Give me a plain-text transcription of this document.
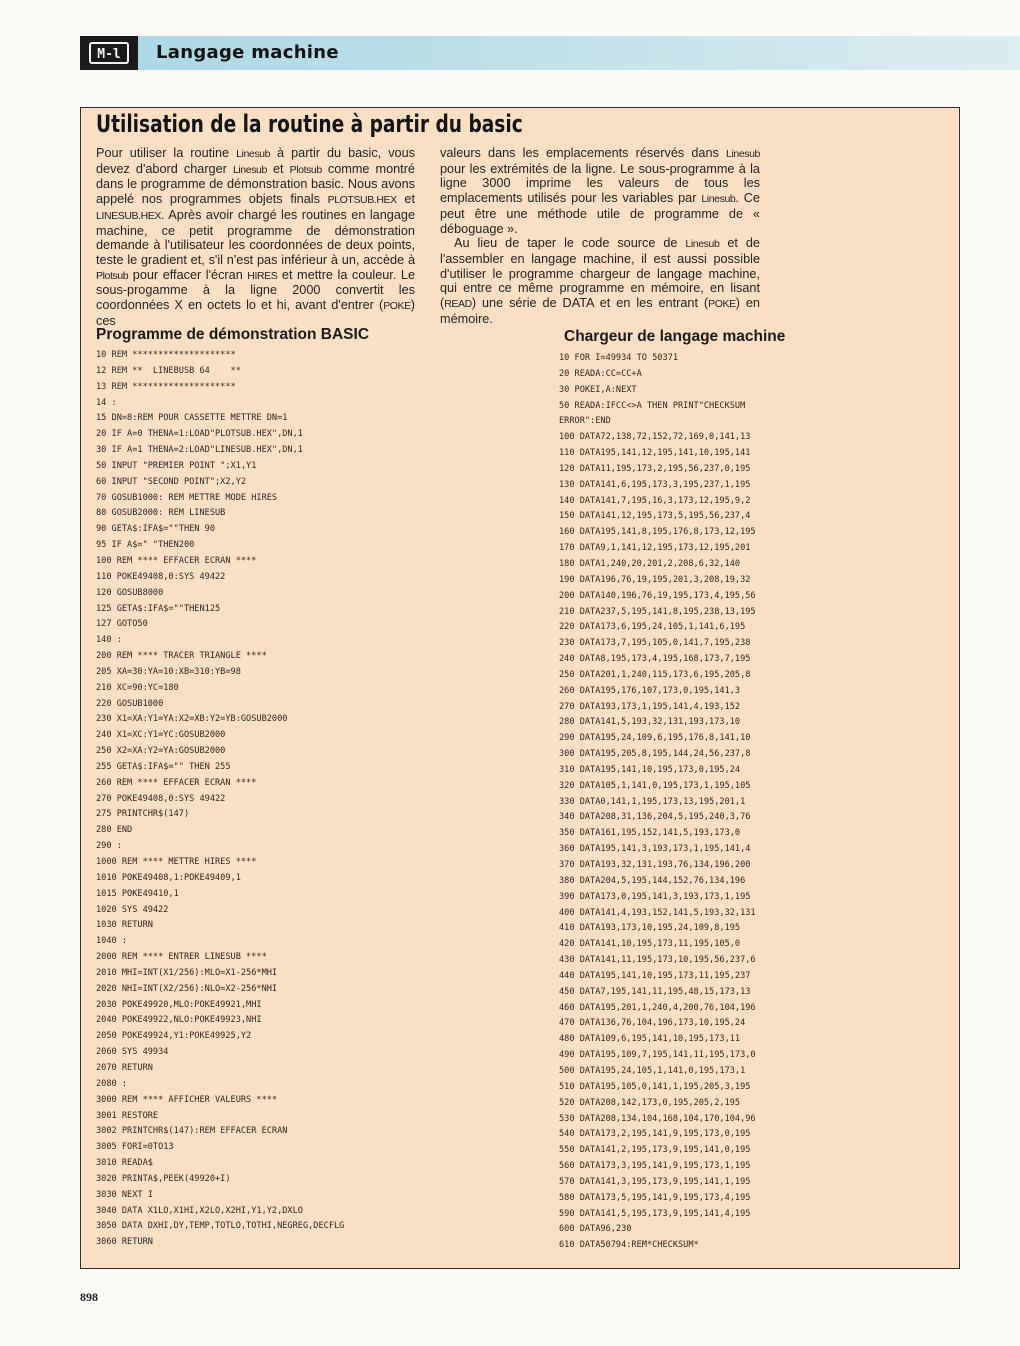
M-l	Langage machine
Utilisation de la routine à partir du basic

Pour utiliser la routine Linesub à partir du basic, vous devez d'abord charger Linesub et Plotsub comme montré dans le programme de démonstration basic. Nous avons appelé nos programmes objets finals PLOTSUB.HEX et LINESUB.HEX. Après avoir chargé les routines en langage machine, ce petit programme de démonstration demande à l'utilisateur les coordonnées de deux points, teste le gradient et, s'il n'est pas inférieur à un, accède à Plotsub pour effacer l'écran HIRES et mettre la couleur. Le sous-progamme à la ligne 2000 convertit les coordonnées X en octets lo et hi, avant d'entrer (POKE) ces

valeurs dans les emplacements réservés dans Linesub pour les extrémités de la ligne. Le sous-programme à la ligne 3000 imprime les valeurs de tous les emplacements utilisés pour les variables par Linesub. Ce peut être une méthode utile de programme de « déboguage ».

Au lieu de taper le code source de Linesub et de l'assembler en langage machine, il est aussi possible d'utiliser le programme chargeur de langage machine, qui entre ce même programme en mémoire, en lisant (READ) une série de DATA et en les entrant (POKE) en mémoire.

Programme de démonstration BASIC
10 REM ********************
12 REM **  LINEBUSB 64    **
13 REM ********************
14 :
15 DN=8:REM POUR CASSETTE METTRE DN=1
20 IF A=0 THENA=1:LOAD"PLOTSUB.HEX",DN,1
30 IF A=1 THENA=2:LOAD"LINESUB.HEX",DN,1
50 INPUT "PREMIER POINT ";X1,Y1
60 INPUT "SECOND POINT";X2,Y2
70 GOSUB1000: REM METTRE MODE HIRES
80 GOSUB2000: REM LINESUB
90 GETA$:IFA$=""THEN 90
95 IF A$=" "THEN200
100 REM **** EFFACER ECRAN ****
110 POKE49408,0:SYS 49422
120 GOSUB8000
125 GETA$:IFA$=""THEN125
127 GOTO50
140 :
200 REM **** TRACER TRIANGLE ****
205 XA=30:YA=10:XB=310:YB=98
210 XC=90:YC=180
220 GOSUB1000
230 X1=XA:Y1=YA:X2=XB:Y2=YB:GOSUB2000
240 X1=XC:Y1=YC:GOSUB2000
250 X2=XA:Y2=YA:GOSUB2000
255 GETA$:IFA$="" THEN 255
260 REM **** EFFACER ECRAN ****
270 POKE49408,0:SYS 49422
275 PRINTCHR$(147)
280 END
290 :
1000 REM **** METTRE HIRES ****
1010 POKE49408,1:POKE49409,1
1015 POKE49410,1
1020 SYS 49422
1030 RETURN
1040 :
2000 REM **** ENTRER LINESUB ****
2010 MHI=INT(X1/256):MLO=X1-256*MHI
2020 NHI=INT(X2/256):NLO=X2-256*NHI
2030 POKE49920,MLO:POKE49921,MHI
2040 POKE49922,NLO:POKE49923,NHI
2050 POKE49924,Y1:POKE49925,Y2
2060 SYS 49934
2070 RETURN
2080 :
3000 REM **** AFFICHER VALEURS ****
3001 RESTORE
3002 PRINTCHR$(147):REM EFFACER ECRAN
3005 FORI=0TO13
3010 READA$
3020 PRINTA$,PEEK(49920+I)
3030 NEXT I
3040 DATA X1LO,X1HI,X2LO,X2HI,Y1,Y2,DXLO
3050 DATA DXHI,DY,TEMP,TOTLO,TOTHI,NEGREG,DECFLG
3060 RETURN
Chargeur de langage machine
10 FOR I=49934 TO 50371
20 READA:CC=CC+A
30 POKEI,A:NEXT
50 READA:IFCC<>A THEN PRINT"CHECKSUM
ERROR":END
100 DATA72,138,72,152,72,169,0,141,13
110 DATA195,141,12,195,141,10,195,141
120 DATA11,195,173,2,195,56,237,0,195
130 DATA141,6,195,173,3,195,237,1,195
140 DATA141,7,195,16,3,173,12,195,9,2
150 DATA141,12,195,173,5,195,56,237,4
160 DATA195,141,8,195,176,8,173,12,195
170 DATA9,1,141,12,195,173,12,195,201
180 DATA1,240,20,201,2,208,6,32,140
190 DATA196,76,19,195,201,3,208,19,32
200 DATA140,196,76,19,195,173,4,195,56
210 DATA237,5,195,141,8,195,238,13,195
220 DATA173,6,195,24,105,1,141,6,195
230 DATA173,7,195,105,0,141,7,195,238
240 DATA8,195,173,4,195,168,173,7,195
250 DATA201,1,240,115,173,6,195,205,8
260 DATA195,176,107,173,0,195,141,3
270 DATA193,173,1,195,141,4,193,152
280 DATA141,5,193,32,131,193,173,10
290 DATA195,24,109,6,195,176,8,141,10
300 DATA195,205,8,195,144,24,56,237,8
310 DATA195,141,10,195,173,0,195,24
320 DATA105,1,141,0,195,173,1,195,105
330 DATA0,141,1,195,173,13,195,201,1
340 DATA208,31,136,204,5,195,240,3,76
350 DATA161,195,152,141,5,193,173,0
360 DATA195,141,3,193,173,1,195,141,4
370 DATA193,32,131,193,76,134,196,200
380 DATA204,5,195,144,152,76,134,196
390 DATA173,0,195,141,3,193,173,1,195
400 DATA141,4,193,152,141,5,193,32,131
410 DATA193,173,10,195,24,109,8,195
420 DATA141,10,195,173,11,195,105,0
430 DATA141,11,195,173,10,195,56,237,6
440 DATA195,141,10,195,173,11,195,237
450 DATA7,195,141,11,195,48,15,173,13
460 DATA195,201,1,240,4,200,76,104,196
470 DATA136,76,104,196,173,10,195,24
480 DATA109,6,195,141,10,195,173,11
490 DATA195,109,7,195,141,11,195,173,0
500 DATA195,24,105,1,141,0,195,173,1
510 DATA195,105,0,141,1,195,205,3,195
520 DATA208,142,173,0,195,205,2,195
530 DATA208,134,104,168,104,170,104,96
540 DATA173,2,195,141,9,195,173,0,195
550 DATA141,2,195,173,9,195,141,0,195
560 DATA173,3,195,141,9,195,173,1,195
570 DATA141,3,195,173,9,195,141,1,195
580 DATA173,5,195,141,9,195,173,4,195
590 DATA141,5,195,173,9,195,141,4,195
600 DATA96,230
610 DATA50794:REM*CHECKSUM*
898
